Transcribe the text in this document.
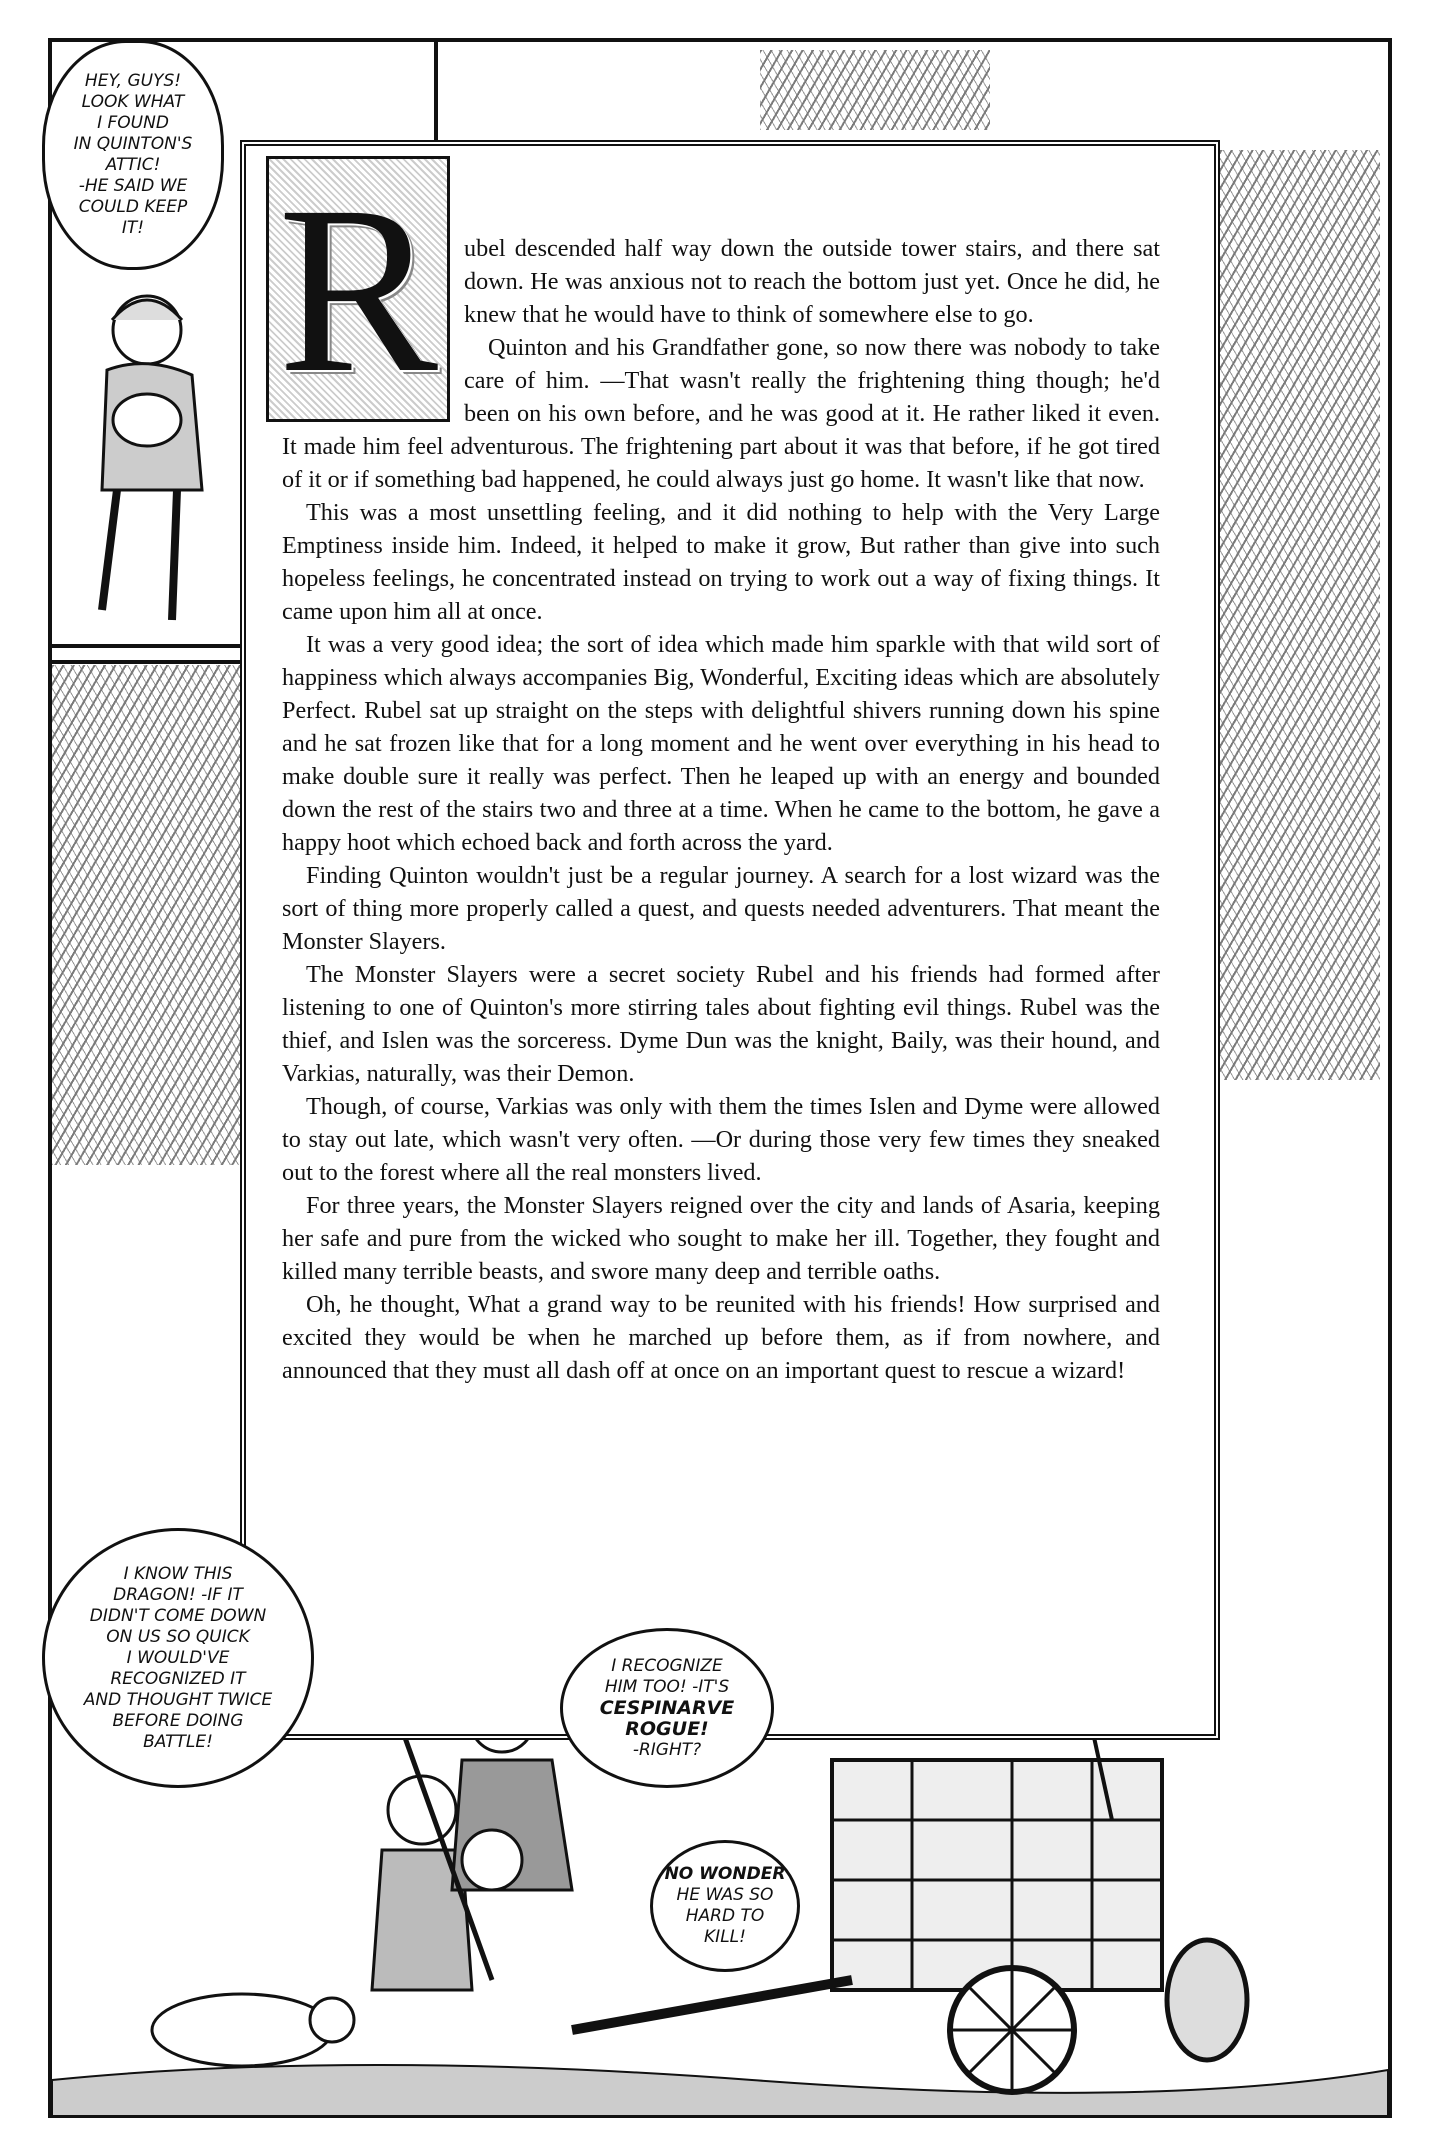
R	ubel descended half way down the outside tower stairs, and there sat down. He was anxious not to reach the bottom just yet. Once he did, he knew that he would have to think of somewhere else to go.

Quinton and his Grandfather gone, so now there was nobody to take care of him. —That wasn't really the frightening thing though; he'd been on his own before, and he was good at it. He rather liked it even. It made him feel adventurous. The frightening part about it was that before, if he got tired of it or if something bad happened, he could always just go home. It wasn't like that now.

This was a most unsettling feeling, and it did nothing to help with the Very Large Emptiness inside him. Indeed, it helped to make it grow, But rather than give into such hopeless feelings, he concentrated instead on trying to work out a way of fixing things. It came upon him all at once.

It was a very good idea; the sort of idea which made him sparkle with that wild sort of happiness which always accompanies Big, Wonderful, Exciting ideas which are absolutely Perfect. Rubel sat up straight on the steps with delightful shivers running down his spine and he sat frozen like that for a long moment and he went over everything in his head to make double sure it really was perfect. Then he leaped up with an energy and bounded down the rest of the stairs two and three at a time. When he came to the bottom, he gave a happy hoot which echoed back and forth across the yard.

Finding Quinton wouldn't just be a regular journey. A search for a lost wizard was the sort of thing more properly called a quest, and quests needed adventurers. That meant the Monster Slayers.

The Monster Slayers were a secret society Rubel and his friends had formed after listening to one of Quinton's more stirring tales about fighting evil things. Rubel was the thief, and Islen was the sorceress. Dyme Dun was the knight, Baily, was their hound, and Varkias, naturally, was their Demon.

Though, of course, Varkias was only with them the times Islen and Dyme were allowed to stay out late, which wasn't very often. —Or during those very few times they sneaked out to the forest where all the real monsters lived.

For three years, the Monster Slayers reigned over the city and lands of Asaria, keeping her safe and pure from the wicked who sought to make her ill. Together, they fought and killed many terrible beasts, and swore many deep and terrible oaths.

Oh, he thought, What a grand way to be reunited with his friends! How surprised and excited they would be when he marched up before them, as if from nowhere, and announced that they must all dash off at once on an important quest to rescue a wizard!

HEY, GUYS!
LOOK WHAT
I FOUND
IN QUINTON'S
ATTIC!
-HE SAID WE
COULD KEEP
IT!
I KNOW THIS
DRAGON! -IF IT
DIDN'T COME DOWN
ON US SO QUICK
I WOULD'VE
RECOGNIZED IT
AND THOUGHT TWICE
BEFORE DOING
BATTLE!
I RECOGNIZE
HIM TOO! -IT'S
CESPINARVE
ROGUE!
-RIGHT?
NO WONDER
HE WAS SO
HARD TO
KILL!
